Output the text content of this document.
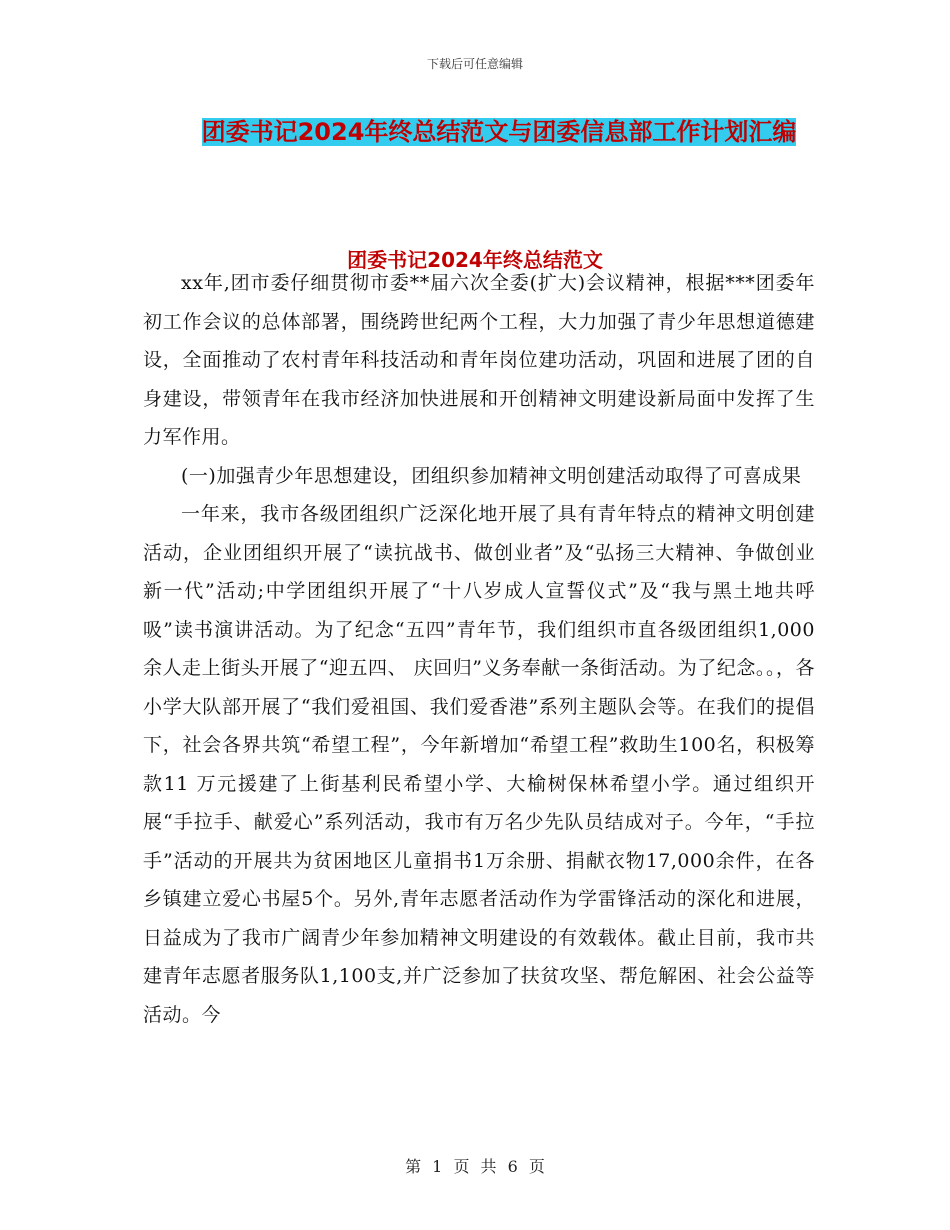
下载后可任意编辑
团委书记2024年终总结范文与团委信息部工作计划汇编
团委书记2024年终总结范文

xx年,团市委仔细贯彻市委**届六次全委(扩大)会议精神，根据***团委年初工作会议的总体部署，围绕跨世纪两个工程，大力加强了青少年思想道德建设，全面推动了农村青年科技活动和青年岗位建功活动，巩固和进展了团的自身建设，带领青年在我市经济加快进展和开创精神文明建设新局面中发挥了生力军作用。

(一)加强青少年思想建设，团组织参加精神文明创建活动取得了可喜成果

一年来，我市各级团组织广泛深化地开展了具有青年特点的精神文明创建活动，企业团组织开展了“读抗战书、做创业者”及“弘扬三大精神、争做创业新一代”活动;中学团组织开展了“十八岁成人宣誓仪式”及“我与黑土地共呼吸”读书演讲活动。为了纪念“五四”青年节，我们组织市直各级团组织1,000余人走上街头开展了“迎五四、 庆回归”义务奉献一条街活动。为了纪念。。，各小学大队部开展了“我们爱祖国、我们爱香港”系列主题队会等。在我们的提倡下，社会各界共筑“希望工程”，今年新增加“希望工程”救助生100名，积极筹款11 万元援建了上街基利民希望小学、大榆树保林希望小学。通过组织开展“手拉手、献爱心”系列活动，我市有万名少先队员结成对子。今年，“手拉手”活动的开展共为贫困地区儿童捐书1万余册、捐献衣物17,000余件，在各乡镇建立爱心书屋5个。另外,青年志愿者活动作为学雷锋活动的深化和进展，日益成为了我市广阔青少年参加精神文明建设的有效载体。截止目前，我市共建青年志愿者服务队1,100支,并广泛参加了扶贫攻坚、帮危解困、社会公益等活动。今

第 1 页 共 6 页
